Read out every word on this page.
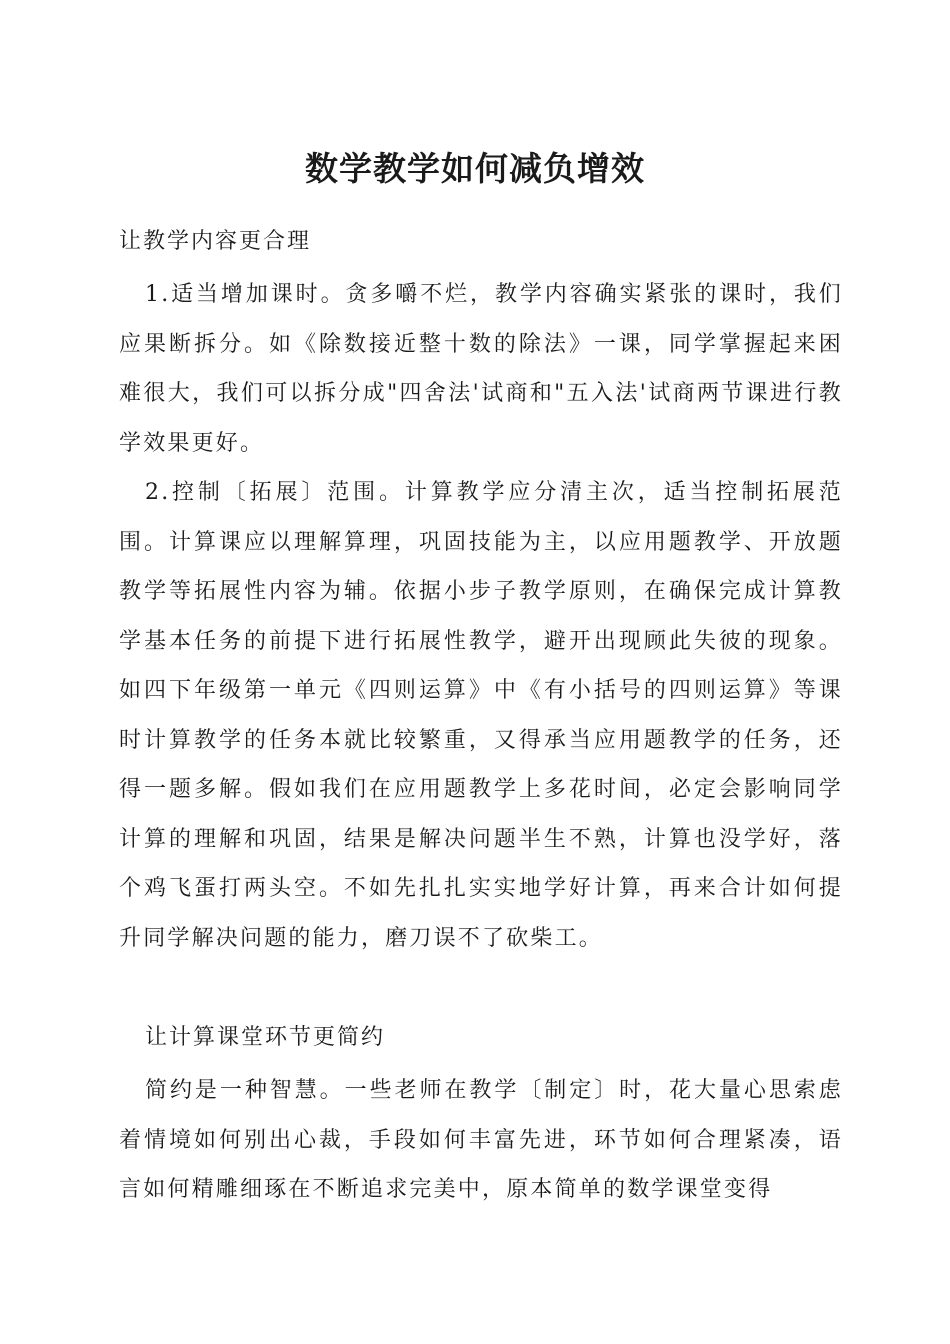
数学教学如何减负增效
让教学内容更合理

1.适当增加课时。贪多嚼不烂，教学内容确实紧张的课时，我们应果断拆分。如《除数接近整十数的除法》一课，同学掌握起来困难很大，我们可以拆分成"四舍法'试商和"五入法'试商两节课进行教学效果更好。

2.控制〔拓展〕范围。计算教学应分清主次，适当控制拓展范围。计算课应以理解算理，巩固技能为主，以应用题教学、开放题教学等拓展性内容为辅。依据小步子教学原则，在确保完成计算教学基本任务的前提下进行拓展性教学，避开出现顾此失彼的现象。如四下年级第一单元《四则运算》中《有小括号的四则运算》等课时计算教学的任务本就比较繁重，又得承当应用题教学的任务，还得一题多解。假如我们在应用题教学上多花时间，必定会影响同学计算的理解和巩固，结果是解决问题半生不熟，计算也没学好，落个鸡飞蛋打两头空。不如先扎扎实实地学好计算，再来合计如何提升同学解决问题的能力，磨刀误不了砍柴工。

让计算课堂环节更简约

简约是一种智慧。一些老师在教学〔制定〕时，花大量心思索虑着情境如何别出心裁，手段如何丰富先进，环节如何合理紧凑，语言如何精雕细琢在不断追求完美中，原本简单的数学课堂变得
